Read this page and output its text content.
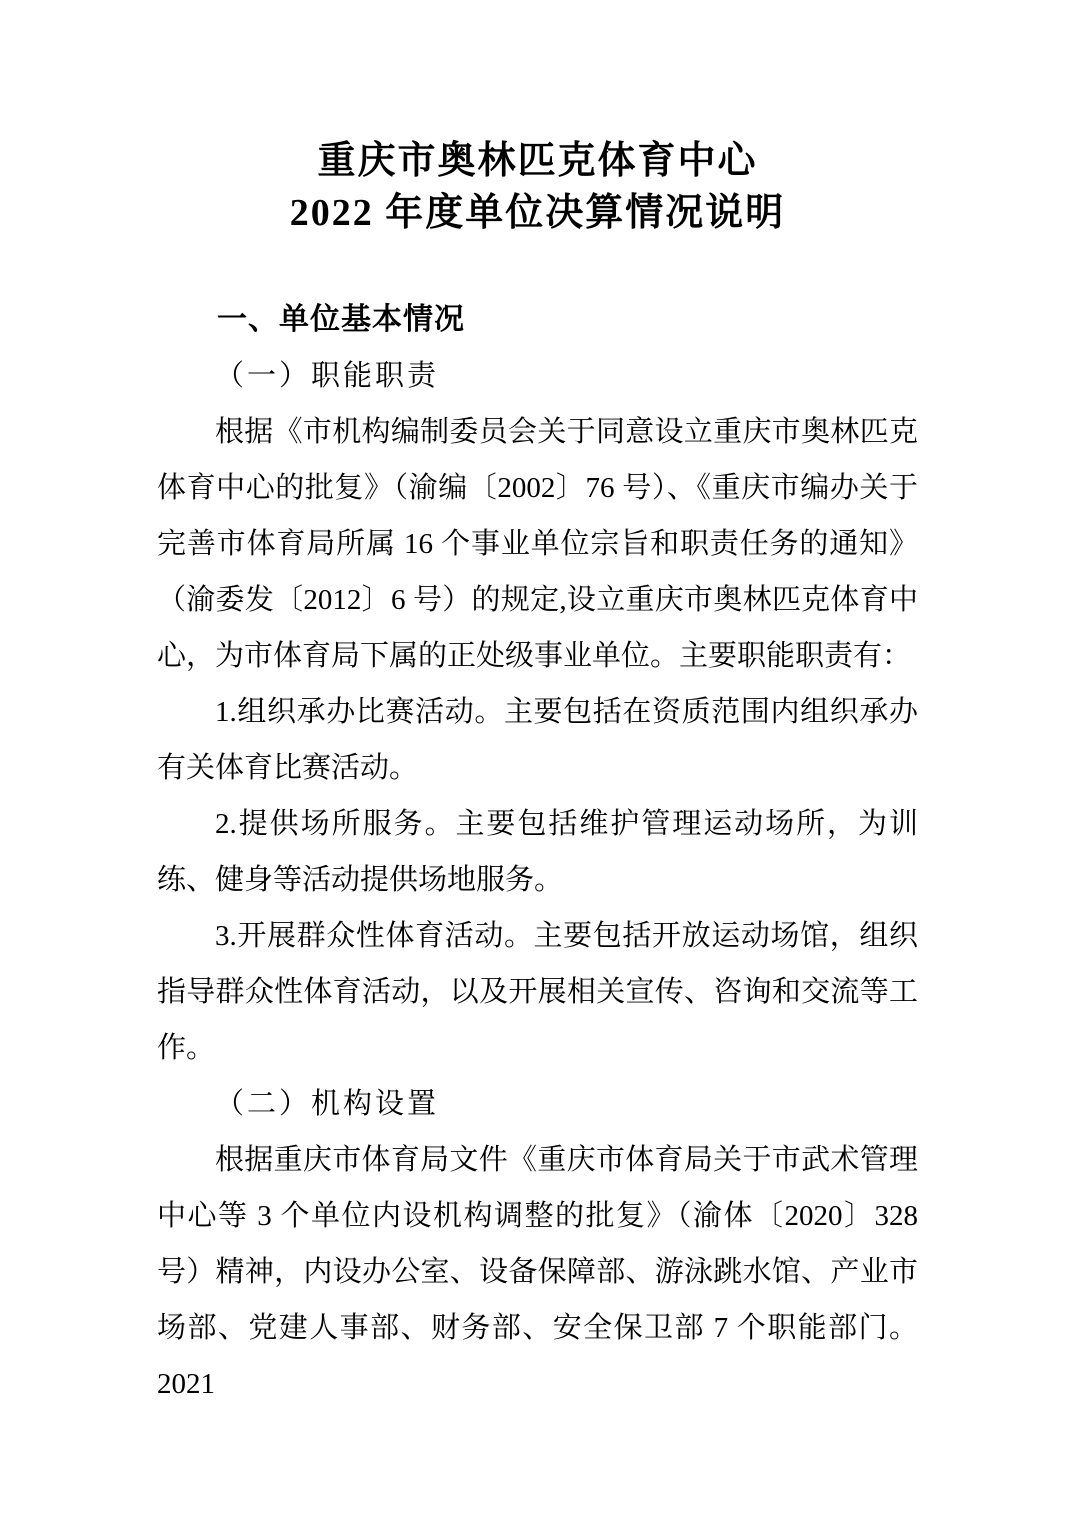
重庆市奥林匹克体育中心
2022 年度单位决算情况说明
一、单位基本情况
（一）职能职责

根据《市机构编制委员会关于同意设立重庆市奥林匹克体育中心的批复》（渝编〔2002〕76 号）、《重庆市编办关于完善市体育局所属 16 个事业单位宗旨和职责任务的通知》（渝委发〔2012〕6 号）的规定,设立重庆市奥林匹克体育中心，为市体育局下属的正处级事业单位。主要职能职责有：

1.组织承办比赛活动。主要包括在资质范围内组织承办有关体育比赛活动。

2.提供场所服务。主要包括维护管理运动场所，为训练、健身等活动提供场地服务。

3.开展群众性体育活动。主要包括开放运动场馆，组织指导群众性体育活动，以及开展相关宣传、咨询和交流等工作。

（二）机构设置

根据重庆市体育局文件《重庆市体育局关于市武术管理中心等 3 个单位内设机构调整的批复》（渝体〔2020〕328 号）精神，内设办公室、设备保障部、游泳跳水馆、产业市场部、党建人事部、财务部、安全保卫部 7 个职能部门。2021
